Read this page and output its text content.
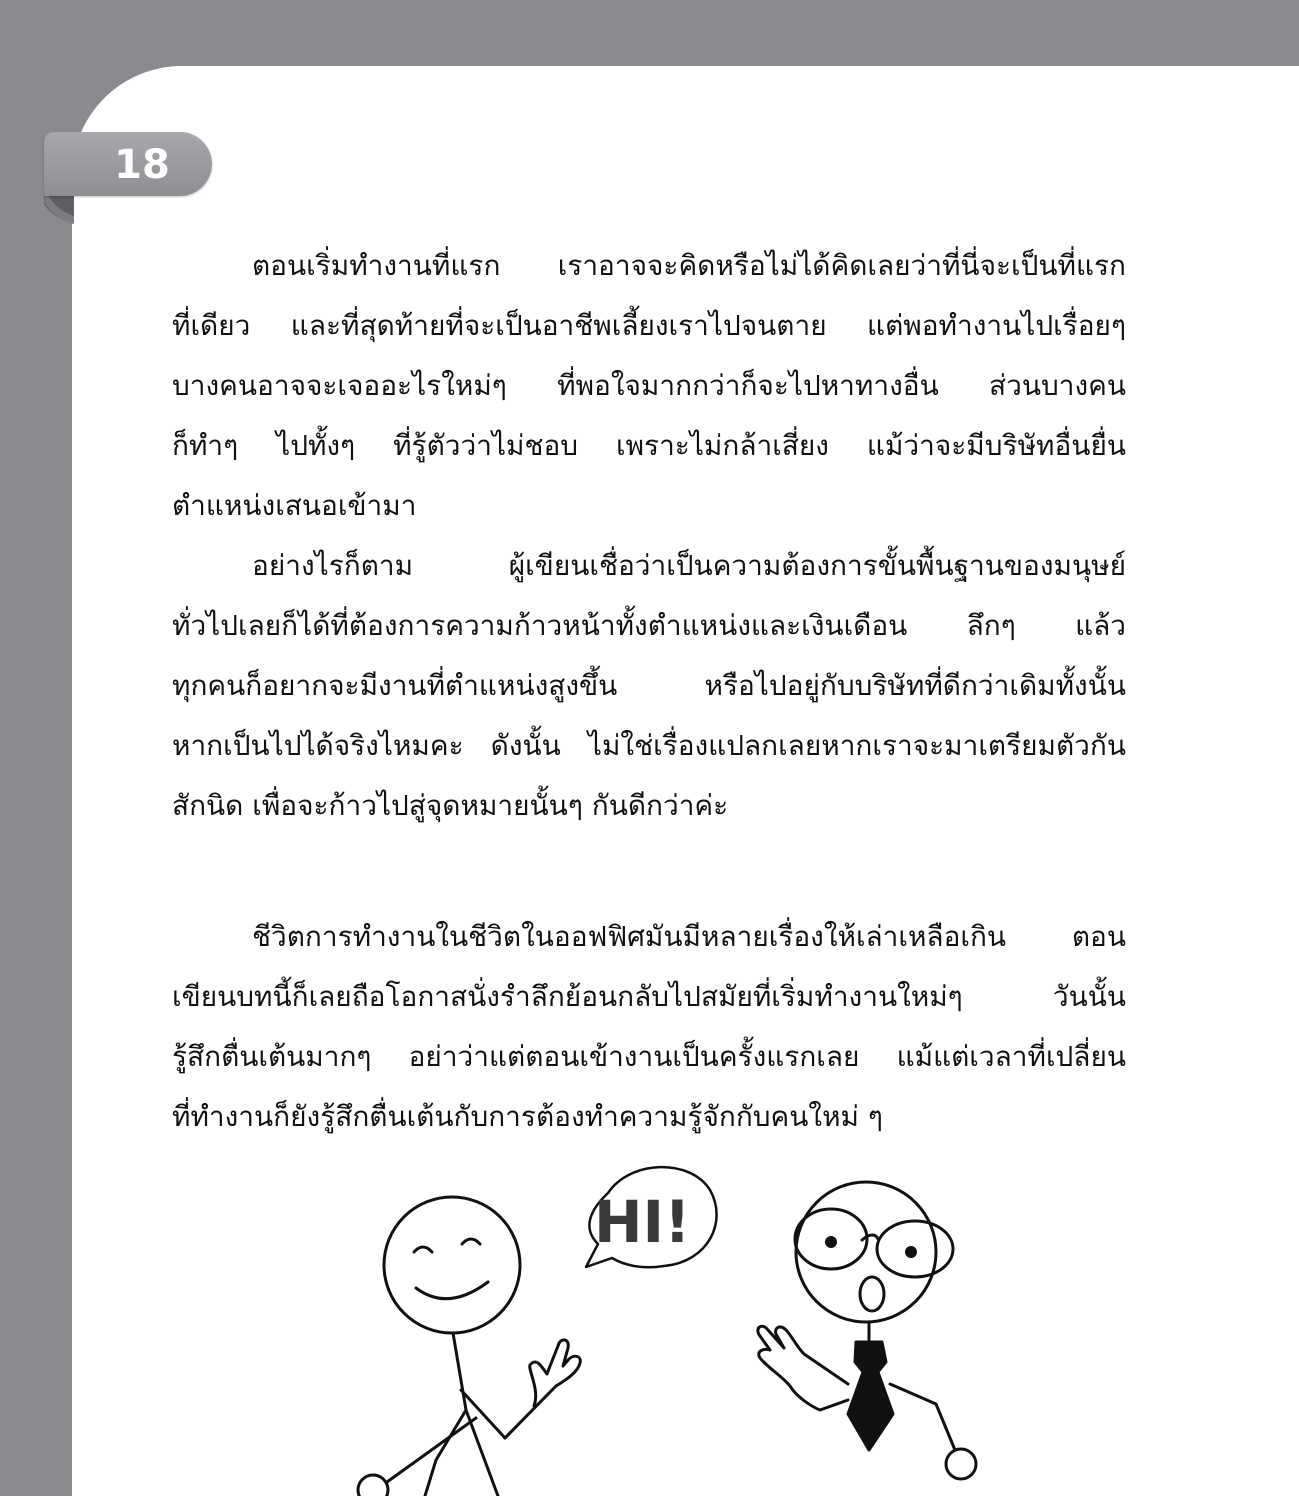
18
ตอนเริ่มทำงานที่แรก เราอาจจะคิดหรือไม่ได้คิดเลยว่าที่นี่จะเป็นที่แรก
ที่เดียว และที่สุดท้ายที่จะเป็นอาชีพเลี้ยงเราไปจนตาย แต่พอทำงานไปเรื่อยๆ
บางคนอาจจะเจออะไรใหม่ๆ ที่พอใจมากกว่าก็จะไปหาทางอื่น ส่วนบางคน
ก็ทำๆ ไปทั้งๆ ที่รู้ตัวว่าไม่ชอบ เพราะไม่กล้าเสี่ยง แม้ว่าจะมีบริษัทอื่นยื่น
ตำแหน่งเสนอเข้ามา
อย่างไรก็ตาม ผู้เขียนเชื่อว่าเป็นความต้องการขั้นพื้นฐานของมนุษย์
ทั่วไปเลยก็ได้ที่ต้องการความก้าวหน้าทั้งตำแหน่งและเงินเดือน ลึกๆ แล้ว
ทุกคนก็อยากจะมีงานที่ตำแหน่งสูงขึ้น หรือไปอยู่กับบริษัทที่ดีกว่าเดิมทั้งนั้น
หากเป็นไปได้จริงไหมคะ ดังนั้น ไม่ใช่เรื่องแปลกเลยหากเราจะมาเตรียมตัวกัน
สักนิด เพื่อจะก้าวไปสู่จุดหมายนั้นๆ กันดีกว่าค่ะ
ชีวิตการทำงานในชีวิตในออฟฟิศมันมีหลายเรื่องให้เล่าเหลือเกิน ตอน
เขียนบทนี้ก็เลยถือโอกาสนั่งรำลึกย้อนกลับไปสมัยที่เริ่มทำงานใหม่ๆ วันนั้น
รู้สึกตื่นเต้นมากๆ อย่าว่าแต่ตอนเข้างานเป็นครั้งแรกเลย แม้แต่เวลาที่เปลี่ยน
ที่ทำงานก็ยังรู้สึกตื่นเต้นกับการต้องทำความรู้จักกับคนใหม่ ๆ
HI!
